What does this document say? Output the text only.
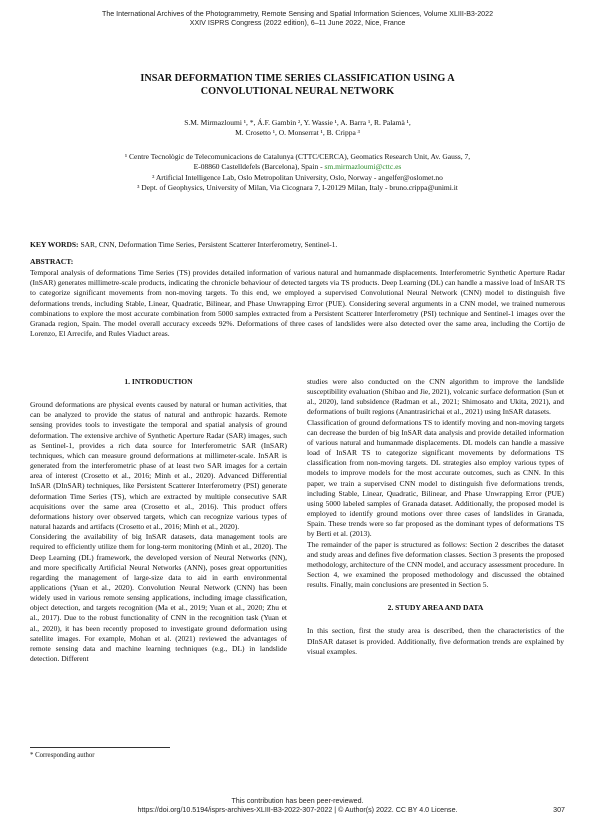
The International Archives of the Photogrammetry, Remote Sensing and Spatial Information Sciences, Volume XLIII-B3-2022
XXIV ISPRS Congress (2022 edition), 6–11 June 2022, Nice, France
INSAR DEFORMATION TIME SERIES CLASSIFICATION USING A
CONVOLUTIONAL NEURAL NETWORK
S.M. Mirmazloumi ¹, *, Á.F. Gambin ², Y. Wassie ¹, A. Barra ¹, R. Palamà ¹,
M. Crosetto ¹, O. Monserrat ¹, B. Crippa ³
¹ Centre Tecnològic de Telecomunicacions de Catalunya (CTTC/CERCA), Geomatics Research Unit, Av. Gauss, 7,
E-08860 Castelldefels (Barcelona), Spain - sm.mirmazloumi@cttc.es
² Artificial Intelligence Lab, Oslo Metropolitan University, Oslo, Norway - angelfer@oslomet.no
³ Dept. of Geophysics, University of Milan, Via Cicognara 7, I-20129 Milan, Italy - bruno.crippa@unimi.it
KEY WORDS: SAR, CNN, Deformation Time Series, Persistent Scatterer Interferometry, Sentinel-1.
ABSTRACT:
Temporal analysis of deformations Time Series (TS) provides detailed information of various natural and humanmade displacements. Interferometric Synthetic Aperture Radar (InSAR) generates millimetre-scale products, indicating the chronicle behaviour of detected targets via TS products. Deep Learning (DL) can handle a massive load of InSAR TS to categorize significant movements from non-moving targets. To this end, we employed a supervised Convolutional Neural Network (CNN) model to distinguish five deformations trends, including Stable, Linear, Quadratic, Bilinear, and Phase Unwrapping Error (PUE). Considering several arguments in a CNN model, we trained numerous combinations to explore the most accurate combination from 5000 samples extracted from a Persistent Scatterer Interferometry (PSI) technique and Sentinel-1 images over the Granada region, Spain. The model overall accuracy exceeds 92%. Deformations of three cases of landslides were also detected over the same area, including the Cortijo de Lorenzo, El Arrecife, and Rules Viaduct areas.
1. INTRODUCTION

Ground deformations are physical events caused by natural or human activities, that can be analyzed to provide the status of natural and anthropic hazards. Remote sensing provides tools to investigate the temporal and spatial analysis of ground deformation. The extensive archive of Synthetic Aperture Radar (SAR) images, such as Sentinel-1, provides a rich data source for Interferometric SAR (InSAR) techniques, which can measure ground deformations at millimeter-scale. InSAR is generated from the interferometric phase of at least two SAR images for a certain area of interest (Crosetto et al., 2016; Minh et al., 2020). Advanced Differential InSAR (DInSAR) techniques, like Persistent Scatterer Interferometry (PSI) generate deformation Time Series (TS), which are extracted by multiple consecutive SAR acquisitions over the same area (Crosetto et al., 2016). This product offers deformations history over observed targets, which can recognize various types of natural hazards and artifacts (Crosetto et al., 2016; Minh et al., 2020).

Considering the availability of big InSAR datasets, data management tools are required to efficiently utilize them for long-term monitoring (Minh et al., 2020). The Deep Learning (DL) framework, the developed version of Neural Networks (NN), and more specifically Artificial Neural Networks (ANN), poses great opportunities regarding the management of large-size data to aid in earth environmental applications (Yuan et al., 2020). Convolution Neural Network (CNN) has been widely used in various remote sensing applications, including image classification, object detection, and targets recognition (Ma et al., 2019; Yuan et al., 2020; Zhu et al., 2017). Due to the robust functionality of CNN in the recognition task (Yuan et al., 2020), it has been recently proposed to investigate ground deformation using satellite images. For example, Mohan et al. (2021) reviewed the advantages of remote sensing data and machine learning techniques (e.g., DL) in landslide detection. Different

studies were also conducted on the CNN algorithm to improve the landslide susceptibility evaluation (Shibao and Jie, 2021), volcanic surface deformation (Sun et al., 2020), land subsidence (Radman et al., 2021; Shimosato and Ukita, 2021), and deformations of built regions (Anantrasirichai et al., 2021) using InSAR datasets.

Classification of ground deformations TS to identify moving and non-moving targets can decrease the burden of big InSAR data analysis and provide detailed information of various natural and humanmade displacements. DL models can handle a massive load of InSAR TS to categorize significant movements by deformations TS classification from non-moving targets. DL strategies also employ various types of models to improve models for the most accurate outcomes, such as CNN. In this paper, we train a supervised CNN model to distinguish five deformations trends, including Stable, Linear, Quadratic, Bilinear, and Phase Unwrapping Error (PUE) using 5000 labeled samples of Granada dataset. Additionally, the proposed model is employed to identify ground motions over three cases of landslides in Granada, Spain. These trends were so far proposed as the dominant types of deformations TS by Berti et al. (2013).

The remainder of the paper is structured as follows: Section 2 describes the dataset and study areas and defines five deformation classes. Section 3 presents the proposed methodology, architecture of the CNN model, and accuracy assessment procedure. In Section 4, we examined the proposed methodology and discussed the obtained results. Finally, main conclusions are presented in Section 5.

2. STUDY AREA AND DATA

In this section, first the study area is described, then the characteristics of the DInSAR dataset is provided. Additionally, five deformation trends are explained by visual examples.

* Corresponding author
This contribution has been peer-reviewed.
https://doi.org/10.5194/isprs-archives-XLIII-B3-2022-307-2022 | © Author(s) 2022. CC BY 4.0 License.	307
